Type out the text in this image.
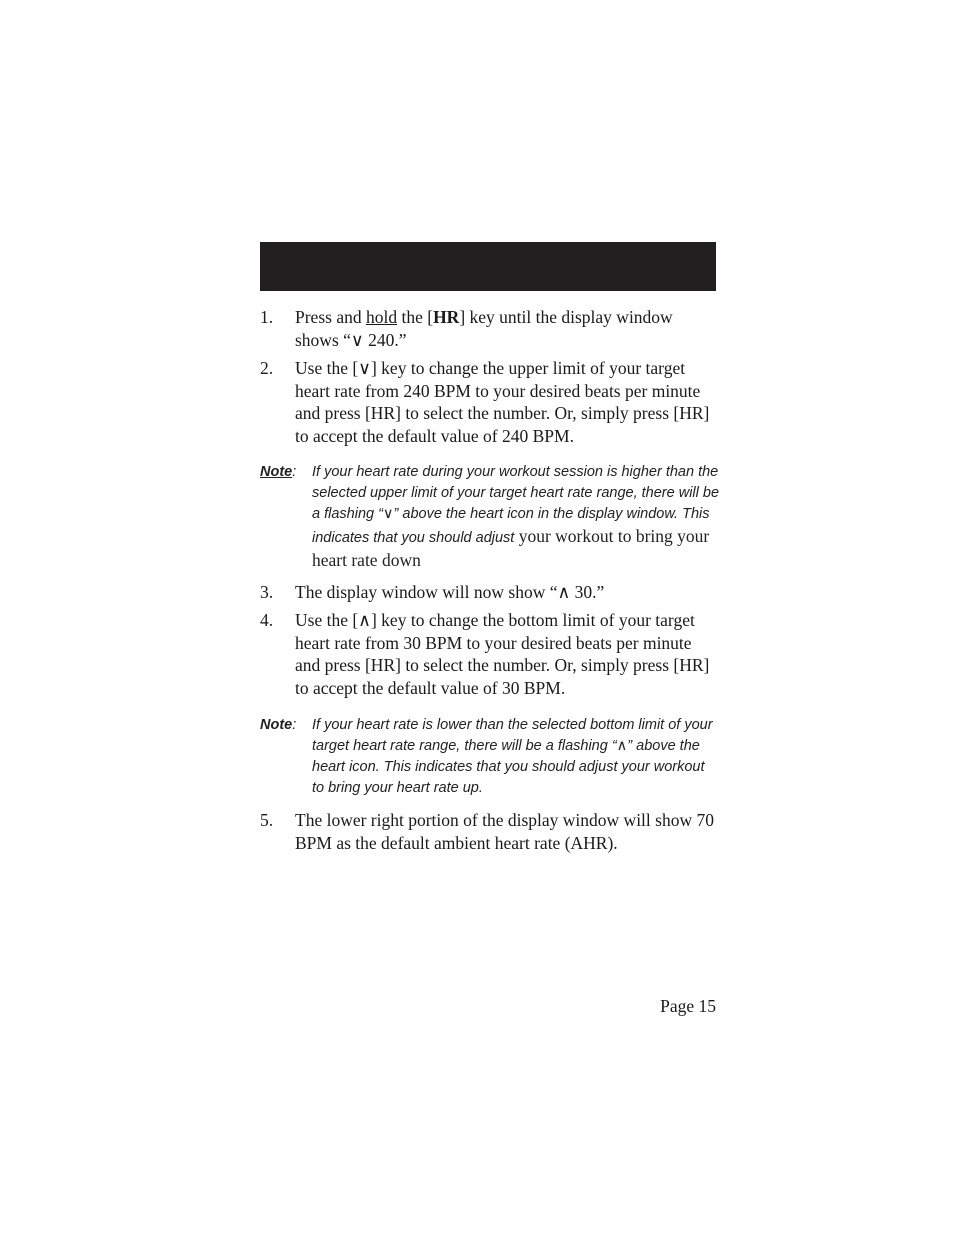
1.	Press and hold the [HR] key until the display window shows “∨ 240.”
2.	Use the [∨] key to change the upper limit of your target heart rate from 240 BPM to your desired beats per minute and press [HR] to select the number. Or, simply press [HR] to accept the default value of 240 BPM.
Note: If your heart rate during your workout session is higher than the selected upper limit of your target heart rate range, there will be a flashing “∨” above the heart icon in the display window. This indicates that you should adjust your workout to bring your heart rate down
3.	The display window will now show “∧ 30.”
4.	Use the [∧] key to change the bottom limit of your target heart rate from 30 BPM to your desired beats per minute and press [HR] to select the number. Or, simply press [HR] to accept the default value of 30 BPM.
Note: If your heart rate is lower than the selected bottom limit of your target heart rate range, there will be a flashing “∧” above the heart icon. This indicates that you should adjust your workout to bring your heart rate up.
5.	The lower right portion of the display window will show 70 BPM as the default ambient heart rate (AHR).
Page 15
